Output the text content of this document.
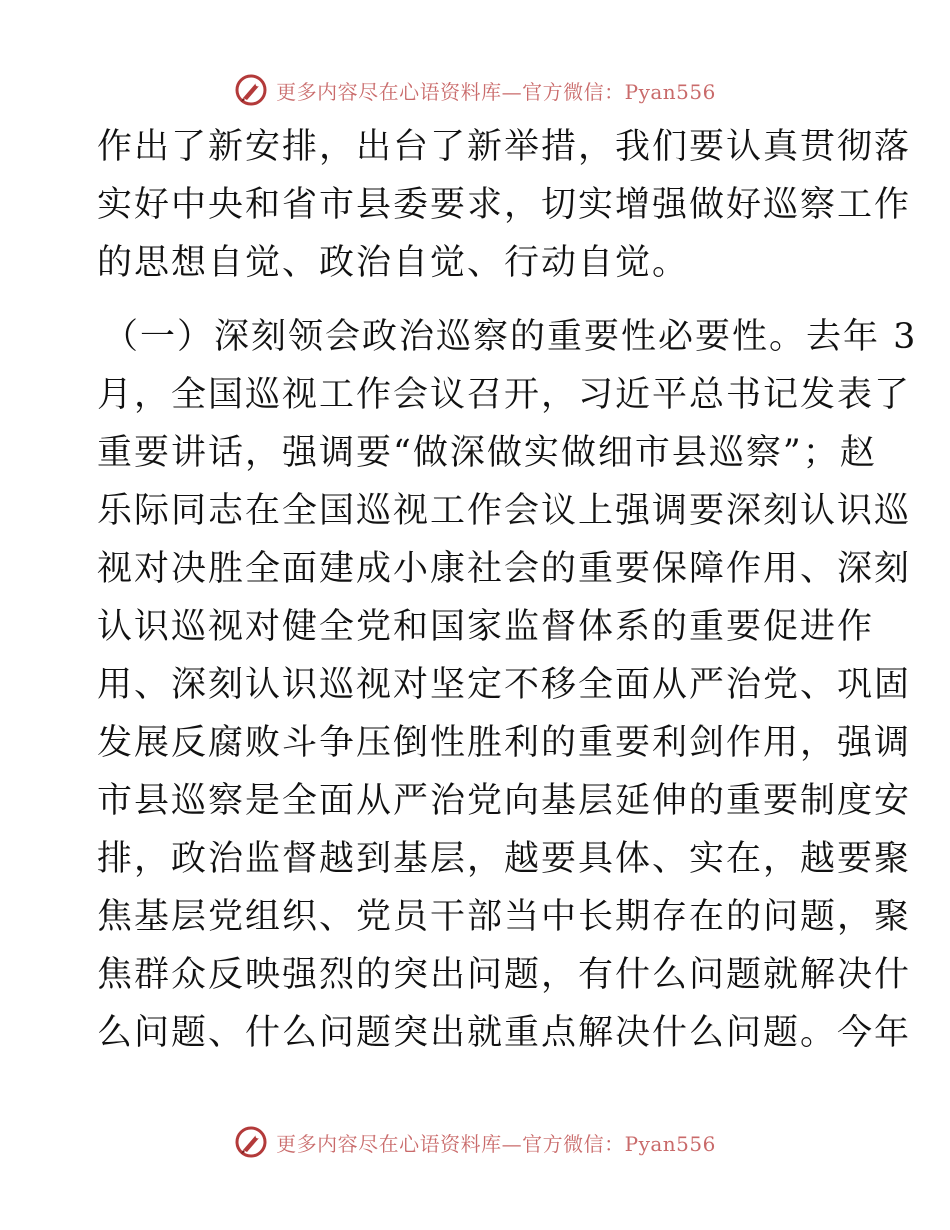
更多内容尽在心语资料库—官方微信：Pyan556
作出了新安排，出台了新举措，我们要认真贯彻落
实好中央和省市县委要求，切实增强做好巡察工作
的思想自觉、政治自觉、行动自觉。
（一）深刻领会政治巡察的重要性必要性。去年 3
月，全国巡视工作会议召开，习近平总书记发表了
重要讲话，强调要“做深做实做细市县巡察”；赵
乐际同志在全国巡视工作会议上强调要深刻认识巡
视对决胜全面建成小康社会的重要保障作用、深刻
认识巡视对健全党和国家监督体系的重要促进作
用、深刻认识巡视对坚定不移全面从严治党、巩固
发展反腐败斗争压倒性胜利的重要利剑作用，强调
市县巡察是全面从严治党向基层延伸的重要制度安
排，政治监督越到基层，越要具体、实在，越要聚
焦基层党组织、党员干部当中长期存在的问题，聚
焦群众反映强烈的突出问题，有什么问题就解决什
么问题、什么问题突出就重点解决什么问题。今年
更多内容尽在心语资料库—官方微信：Pyan556
